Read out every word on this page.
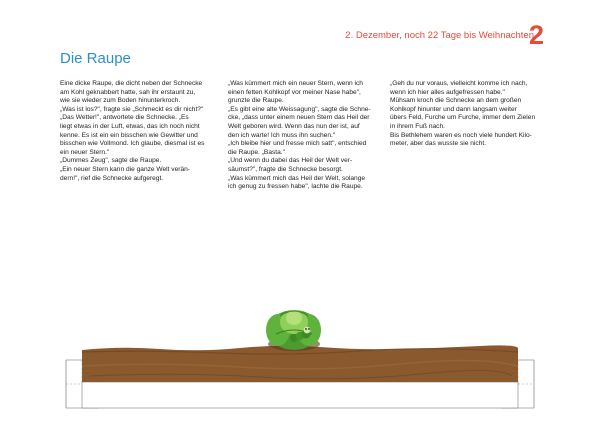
2. Dezember, noch 22 Tage bis Weihnachten
2
Die Raupe

Eine dicke Raupe, die dicht neben der Schnecke

am Kohl geknabbert hatte, sah ihr erstaunt zu,

wie sie wieder zum Boden hinunterkroch.

„Was ist los?", fragte sie „Schmeckt es dir nicht?"

„Das Wetter!", antwortete die Schnecke. „Es

liegt etwas in der Luft, etwas, das ich noch nicht

kenne. Es ist ein ein bisschen wie Gewitter und

bisschen wie Vollmond. Ich glaube, diesmal ist es

ein neuer Stern."

„Dummes Zeug", sagte die Raupe.

„Ein neuer Stern kann die ganze Welt verän-

dern!", rief die Schnecke aufgeregt.

„Was kümmert mich ein neuer Stern, wenn ich

einen fetten Kohlkopf vor meiner Nase habe",

grunzte die Raupe.

„Es gibt eine alte Weissagung", sagte die Schne-

cke, „dass unter einem neuen Stern das Heil der

Welt geboren wird. Wenn das nun der ist, auf

den ich warte! Ich muss ihn suchen."

„Ich bleibe hier und fresse mich satt", entschied

die Raupe. „Basta."

„Und wenn du dabei das Heil der Welt ver-

säumst?", fragte die Schnecke besorgt.

„Was kümmert mich das Heil der Welt, solange

ich genug zu fressen habe", lachte die Raupe.

„Geh du nur voraus, vielleicht komme ich nach,

wenn ich hier alles aufgefressen habe."

Mühsam kroch die Schnecke an dem großen

Kohlkopf hinunter und dann langsam weiter

übers Feld, Furche um Furche, immer dem Zielen

in ihrem Fuß nach.

Bis Bethlehem waren es noch viele hundert Kilo-

meter, aber das wusste sie nicht.
